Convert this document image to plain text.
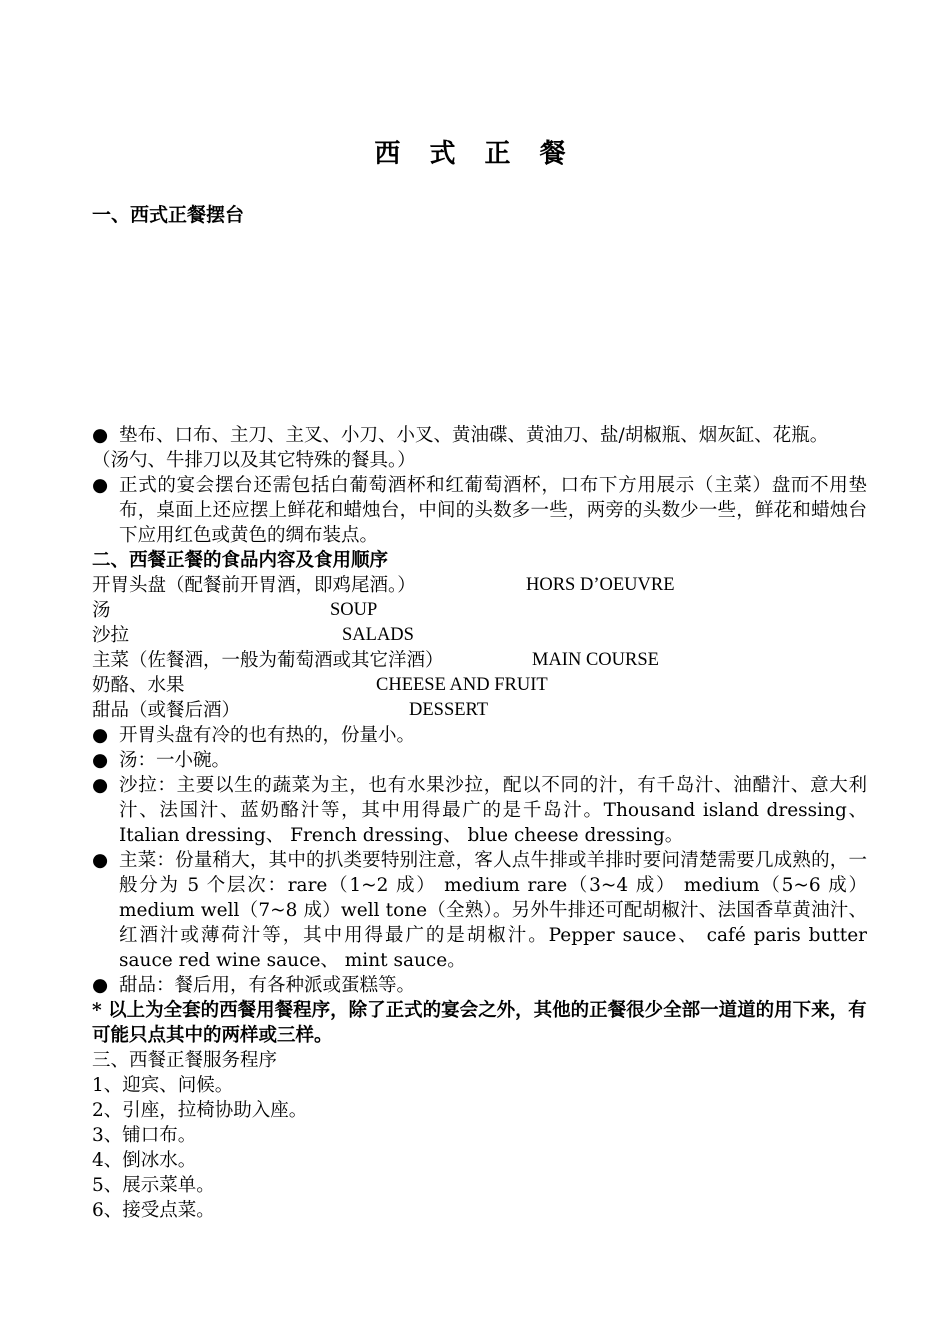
西 式 正 餐
一、西式正餐摆台
● 垫布、口布、主刀、主叉、小刀、小叉、黄油碟、黄油刀、盐/胡椒瓶、烟灰缸、花瓶。
（汤勺、牛排刀以及其它特殊的餐具。）
● 正式的宴会摆台还需包括白葡萄酒杯和红葡萄酒杯，口布下方用展示（主菜）盘而不用垫布，桌面上还应摆上鲜花和蜡烛台，中间的头数多一些，两旁的头数少一些，鲜花和蜡烛台下应用红色或黄色的绸布装点。
二、西餐正餐的食品内容及食用顺序
开胃头盘（配餐前开胃酒，即鸡尾酒。）	HORS D’OEUVRE
汤	SOUP
沙拉	SALADS
主菜（佐餐酒，一般为葡萄酒或其它洋酒）	MAIN COURSE
奶酪、水果	CHEESE AND FRUIT
甜品（或餐后酒）	DESSERT
● 开胃头盘有冷的也有热的，份量小。
● 汤：一小碗。
● 沙拉：主要以生的蔬菜为主，也有水果沙拉，配以不同的汁，有千岛汁、油醋汁、意大利汁、法国汁、蓝奶酪汁等，其中用得最广的是千岛汁。Thousand island dressing、 Italian dressing、 French dressing、 blue cheese dressing。
● 主菜：份量稍大，其中的扒类要特别注意，客人点牛排或羊排时要问清楚需要几成熟的，一般分为 5 个层次：rare（1~2 成） medium rare（3~4 成） medium（5~6 成）medium well（7~8 成）well tone（全熟）。另外牛排还可配胡椒汁、法国香草黄油汁、红酒汁或薄荷汁等，其中用得最广的是胡椒汁。Pepper sauce、 café paris butter sauce red wine sauce、 mint sauce。
● 甜品：餐后用，有各种派或蛋糕等。
* 以上为全套的西餐用餐程序，除了正式的宴会之外，其他的正餐很少全部一道道的用下来，有可能只点其中的两样或三样。
三、西餐正餐服务程序
1、迎宾、问候。
2、引座，拉椅协助入座。
3、铺口布。
4、倒冰水。
5、展示菜单。
6、接受点菜。
